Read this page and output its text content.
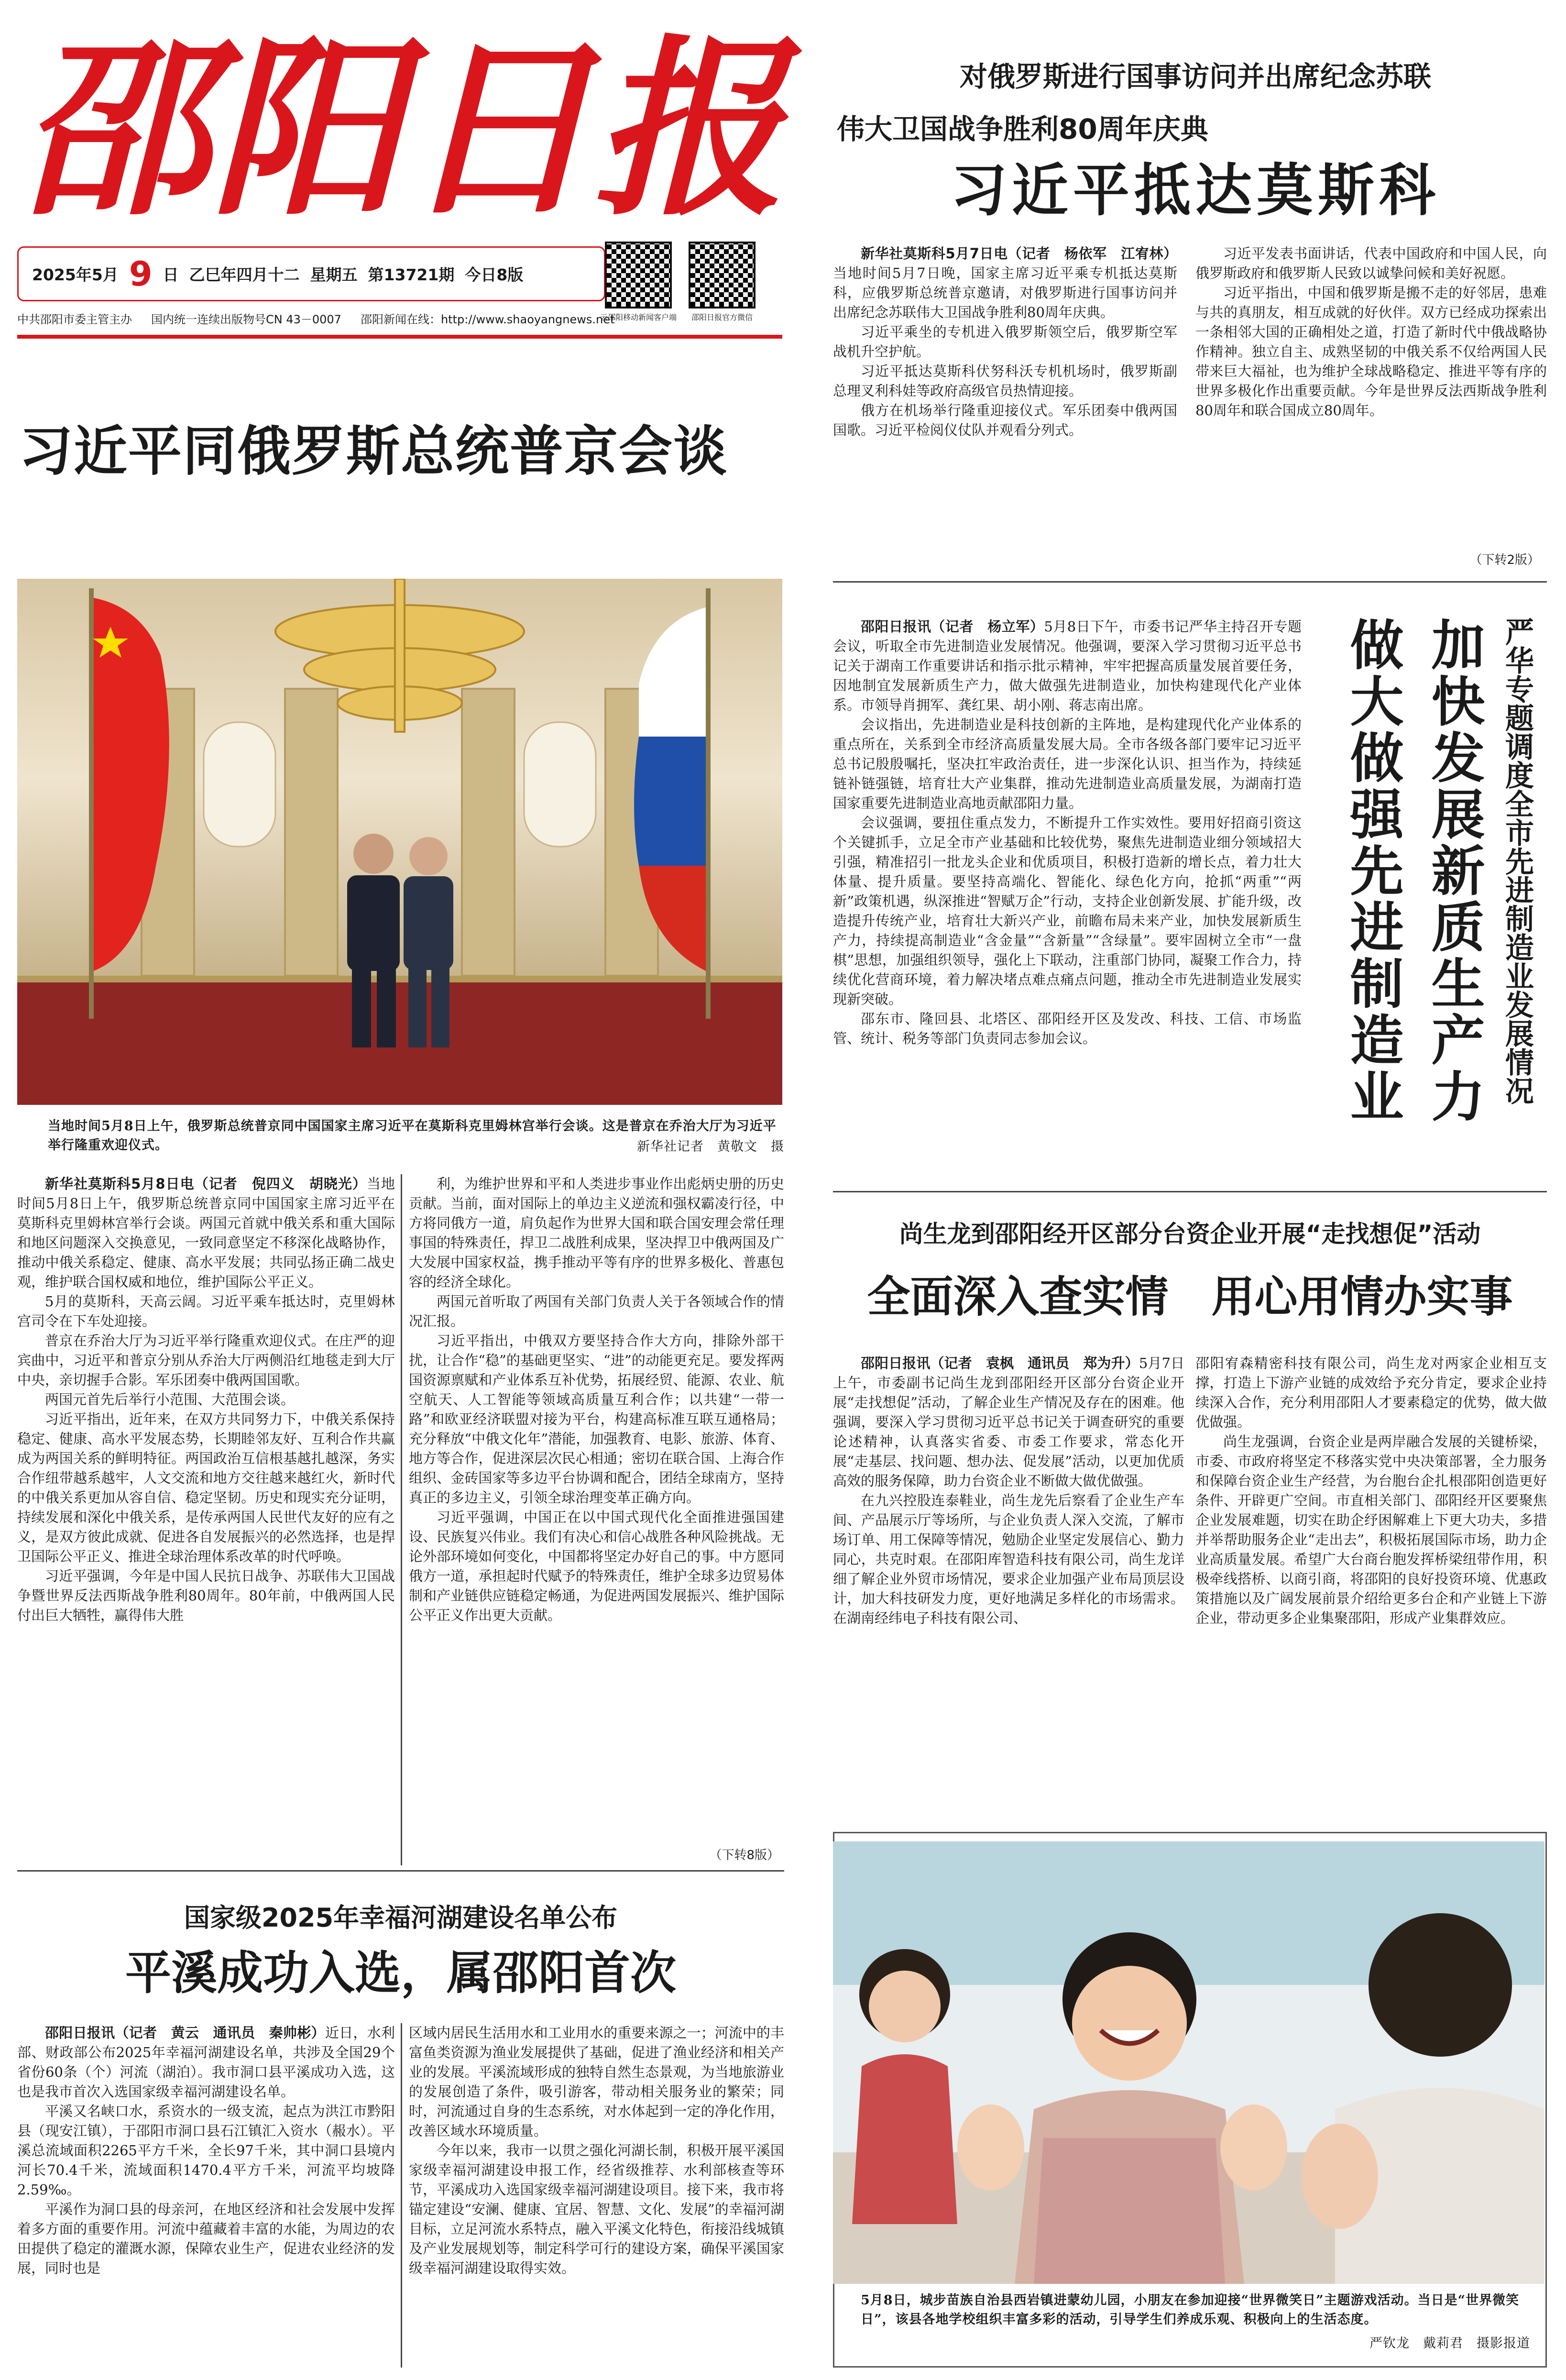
邵 阳 日 报
2025年5月 9 日 乙巳年四月十二 星期五 第13721期 今日8版
云邵阳移动新闻客户端	邵阳日报官方微信
中共邵阳市委主管主办 国内统一连续出版物号CN 43－0007 邵阳新闻在线：http://www.shaoyangnews.net
对俄罗斯进行国事访问并出席纪念苏联
伟大卫国战争胜利80周年庆典
习近平抵达莫斯科

新华社莫斯科5月7日电（记者　杨依军　江宥林）当地时间5月7日晚，国家主席习近平乘专机抵达莫斯科，应俄罗斯总统普京邀请，对俄罗斯进行国事访问并出席纪念苏联伟大卫国战争胜利80周年庆典。

习近平乘坐的专机进入俄罗斯领空后，俄罗斯空军战机升空护航。

习近平抵达莫斯科伏努科沃专机机场时，俄罗斯副总理叉利科娃等政府高级官员热情迎接。

俄方在机场举行隆重迎接仪式。军乐团奏中俄两国国歌。习近平检阅仪仗队并观看分列式。

习近平发表书面讲话，代表中国政府和中国人民，向俄罗斯政府和俄罗斯人民致以诚挚问候和美好祝愿。

习近平指出，中国和俄罗斯是搬不走的好邻居，患难与共的真朋友，相互成就的好伙伴。双方已经成功探索出一条相邻大国的正确相处之道，打造了新时代中俄战略协作精神。独立自主、成熟坚韧的中俄关系不仅给两国人民带来巨大福祉，也为维护全球战略稳定、推进平等有序的世界多极化作出重要贡献。今年是世界反法西斯战争胜利80周年和联合国成立80周年。

（下转2版）
习近平同俄罗斯总统普京会谈
当地时间5月8日上午，俄罗斯总统普京同中国国家主席习近平在莫斯科克里姆林宫举行会谈。这是普京在乔治大厅为习近平举行隆重欢迎仪式。	新华社记者　黄敬文　摄

新华社莫斯科5月8日电（记者　倪四义　胡晓光）当地时间5月8日上午，俄罗斯总统普京同中国国家主席习近平在莫斯科克里姆林宫举行会谈。两国元首就中俄关系和重大国际和地区问题深入交换意见，一致同意坚定不移深化战略协作，推动中俄关系稳定、健康、高水平发展；共同弘扬正确二战史观，维护联合国权威和地位，维护国际公平正义。

5月的莫斯科，天高云阔。习近平乘车抵达时，克里姆林宫司令在下车处迎接。

普京在乔治大厅为习近平举行隆重欢迎仪式。在庄严的迎宾曲中，习近平和普京分别从乔治大厅两侧沿红地毯走到大厅中央，亲切握手合影。军乐团奏中俄两国国歌。

两国元首先后举行小范围、大范围会谈。

习近平指出，近年来，在双方共同努力下，中俄关系保持稳定、健康、高水平发展态势，长期睦邻友好、互利合作共赢成为两国关系的鲜明特征。两国政治互信根基越扎越深，务实合作纽带越系越牢，人文交流和地方交往越来越红火，新时代的中俄关系更加从容自信、稳定坚韧。历史和现实充分证明，持续发展和深化中俄关系，是传承两国人民世代友好的应有之义，是双方彼此成就、促进各自发展振兴的必然选择，也是捍卫国际公平正义、推进全球治理体系改革的时代呼唤。

习近平强调，今年是中国人民抗日战争、苏联伟大卫国战争暨世界反法西斯战争胜利80周年。80年前，中俄两国人民付出巨大牺牲，赢得伟大胜

利，为维护世界和平和人类进步事业作出彪炳史册的历史贡献。当前，面对国际上的单边主义逆流和强权霸凌行径，中方将同俄方一道，肩负起作为世界大国和联合国安理会常任理事国的特殊责任，捍卫二战胜利成果，坚决捍卫中俄两国及广大发展中国家权益，携手推动平等有序的世界多极化、普惠包容的经济全球化。

两国元首听取了两国有关部门负责人关于各领域合作的情况汇报。

习近平指出，中俄双方要坚持合作大方向，排除外部干扰，让合作“稳”的基础更坚实、“进”的动能更充足。要发挥两国资源禀赋和产业体系互补优势，拓展经贸、能源、农业、航空航天、人工智能等领域高质量互利合作；以共建“一带一路”和欧亚经济联盟对接为平台，构建高标准互联互通格局；充分释放“中俄文化年”潜能，加强教育、电影、旅游、体育、地方等合作，促进深层次民心相通；密切在联合国、上海合作组织、金砖国家等多边平台协调和配合，团结全球南方，坚持真正的多边主义，引领全球治理变革正确方向。

习近平强调，中国正在以中国式现代化全面推进强国建设、民族复兴伟业。我们有决心和信心战胜各种风险挑战。无论外部环境如何变化，中国都将坚定办好自己的事。中方愿同俄方一道，承担起时代赋予的特殊责任，维护全球多边贸易体制和产业链供应链稳定畅通，为促进两国发展振兴、维护国际公平正义作出更大贡献。

（下转8版）

邵阳日报讯（记者　杨立军）5月8日下午，市委书记严华主持召开专题会议，听取全市先进制造业发展情况。他强调，要深入学习贯彻习近平总书记关于湖南工作重要讲话和指示批示精神，牢牢把握高质量发展首要任务，因地制宜发展新质生产力，做大做强先进制造业，加快构建现代化产业体系。市领导肖拥军、龚红果、胡小刚、蒋志南出席。

会议指出，先进制造业是科技创新的主阵地，是构建现代化产业体系的重点所在，关系到全市经济高质量发展大局。全市各级各部门要牢记习近平总书记殷殷嘱托，坚决扛牢政治责任，进一步深化认识、担当作为，持续延链补链强链，培育壮大产业集群，推动先进制造业高质量发展，为湖南打造国家重要先进制造业高地贡献邵阳力量。

会议强调，要扭住重点发力，不断提升工作实效性。要用好招商引资这个关键抓手，立足全市产业基础和比较优势，聚焦先进制造业细分领域招大引强，精准招引一批龙头企业和优质项目，积极打造新的增长点，着力壮大体量、提升质量。要坚持高端化、智能化、绿色化方向，抢抓“两重”“两新”政策机遇，纵深推进“智赋万企”行动，支持企业创新发展、扩能升级，改造提升传统产业，培育壮大新兴产业，前瞻布局未来产业，加快发展新质生产力，持续提高制造业“含金量”“含新量”“含绿量”。要牢固树立全市“一盘棋”思想，加强组织领导，强化上下联动，注重部门协同，凝聚工作合力，持续优化营商环境，着力解决堵点难点痛点问题，推动全市先进制造业发展实现新突破。

邵东市、隆回县、北塔区、邵阳经开区及发改、科技、工信、市场监管、统计、税务等部门负责同志参加会议。	严华专题调度全市先进制造业发展情况
加快发展新质生产力
做大做强先进制造业
尚生龙到邵阳经开区部分台资企业开展“走找想促”活动
全面深入查实情　用心用情办实事

邵阳日报讯（记者　袁枫　通讯员　郑为升）5月7日上午，市委副书记尚生龙到邵阳经开区部分台资企业开展“走找想促”活动，了解企业生产情况及存在的困难。他强调，要深入学习贯彻习近平总书记关于调查研究的重要论述精神，认真落实省委、市委工作要求，常态化开展“走基层、找问题、想办法、促发展”活动，以更加优质高效的服务保障，助力台资企业不断做大做优做强。

在九兴控股连泰鞋业，尚生龙先后察看了企业生产车间、产品展示厅等场所，与企业负责人深入交流，了解市场订单、用工保障等情况，勉励企业坚定发展信心、勤力同心，共克时艰。在邵阳库智造科技有限公司，尚生龙详细了解企业外贸市场情况，要求企业加强产业布局顶层设计，加大科技研发力度，更好地满足多样化的市场需求。在湖南经纬电子科技有限公司、

邵阳宥森精密科技有限公司，尚生龙对两家企业相互支撑，打造上下游产业链的成效给予充分肯定，要求企业持续深入合作，充分利用邵阳人才要素稳定的优势，做大做优做强。

尚生龙强调，台资企业是两岸融合发展的关键桥梁，市委、市政府将坚定不移落实党中央决策部署，全力服务和保障台资企业生产经营，为台胞台企扎根邵阳创造更好条件、开辟更广空间。市直相关部门、邵阳经开区要聚焦企业发展难题，切实在助企纾困解难上下更大功夫，多措并举帮助服务企业“走出去”，积极拓展国际市场，助力企业高质量发展。希望广大台商台胞发挥桥梁纽带作用，积极牵线搭桥、以商引商，将邵阳的良好投资环境、优惠政策措施以及广阔发展前景介绍给更多台企和产业链上下游企业，带动更多企业集聚邵阳，形成产业集群效应。

国家级2025年幸福河湖建设名单公布
平溪成功入选，属邵阳首次

邵阳日报讯（记者　黄云　通讯员　秦帅彬）近日，水利部、财政部公布2025年幸福河湖建设名单，共涉及全国29个省份60条（个）河流（湖泊）。我市洞口县平溪成功入选，这也是我市首次入选国家级幸福河湖建设名单。

平溪又名峡口水，系资水的一级支流，起点为洪江市黔阳县（现安江镇），于邵阳市洞口县石江镇汇入资水（赧水）。平溪总流域面积2265平方千米，全长97千米，其中洞口县境内河长70.4千米，流域面积1470.4平方千米，河流平均坡降2.59‰。

平溪作为洞口县的母亲河，在地区经济和社会发展中发挥着多方面的重要作用。河流中蕴藏着丰富的水能，为周边的农田提供了稳定的灌溉水源，保障农业生产，促进农业经济的发展，同时也是

区域内居民生活用水和工业用水的重要来源之一；河流中的丰富鱼类资源为渔业发展提供了基础，促进了渔业经济和相关产业的发展。平溪流域形成的独特自然生态景观，为当地旅游业的发展创造了条件，吸引游客，带动相关服务业的繁荣；同时，河流通过自身的生态系统，对水体起到一定的净化作用，改善区域水环境质量。

今年以来，我市一以贯之强化河湖长制，积极开展平溪国家级幸福河湖建设申报工作，经省级推荐、水利部核查等环节，平溪成功入选国家级幸福河湖建设项目。接下来，我市将锚定建设“安澜、健康、宜居、智慧、文化、发展”的幸福河湖目标，立足河流水系特点，融入平溪文化特色，衔接沿线城镇及产业发展规划等，制定科学可行的建设方案，确保平溪国家级幸福河湖建设取得实效。

5月8日，城步苗族自治县西岩镇进蒙幼儿园，小朋友在参加迎接“世界微笑日”主题游戏活动。当日是“世界微笑日”，该县各地学校组织丰富多彩的活动，引导学生们养成乐观、积极向上的生活态度。
严钦龙　戴莉君　摄影报道
